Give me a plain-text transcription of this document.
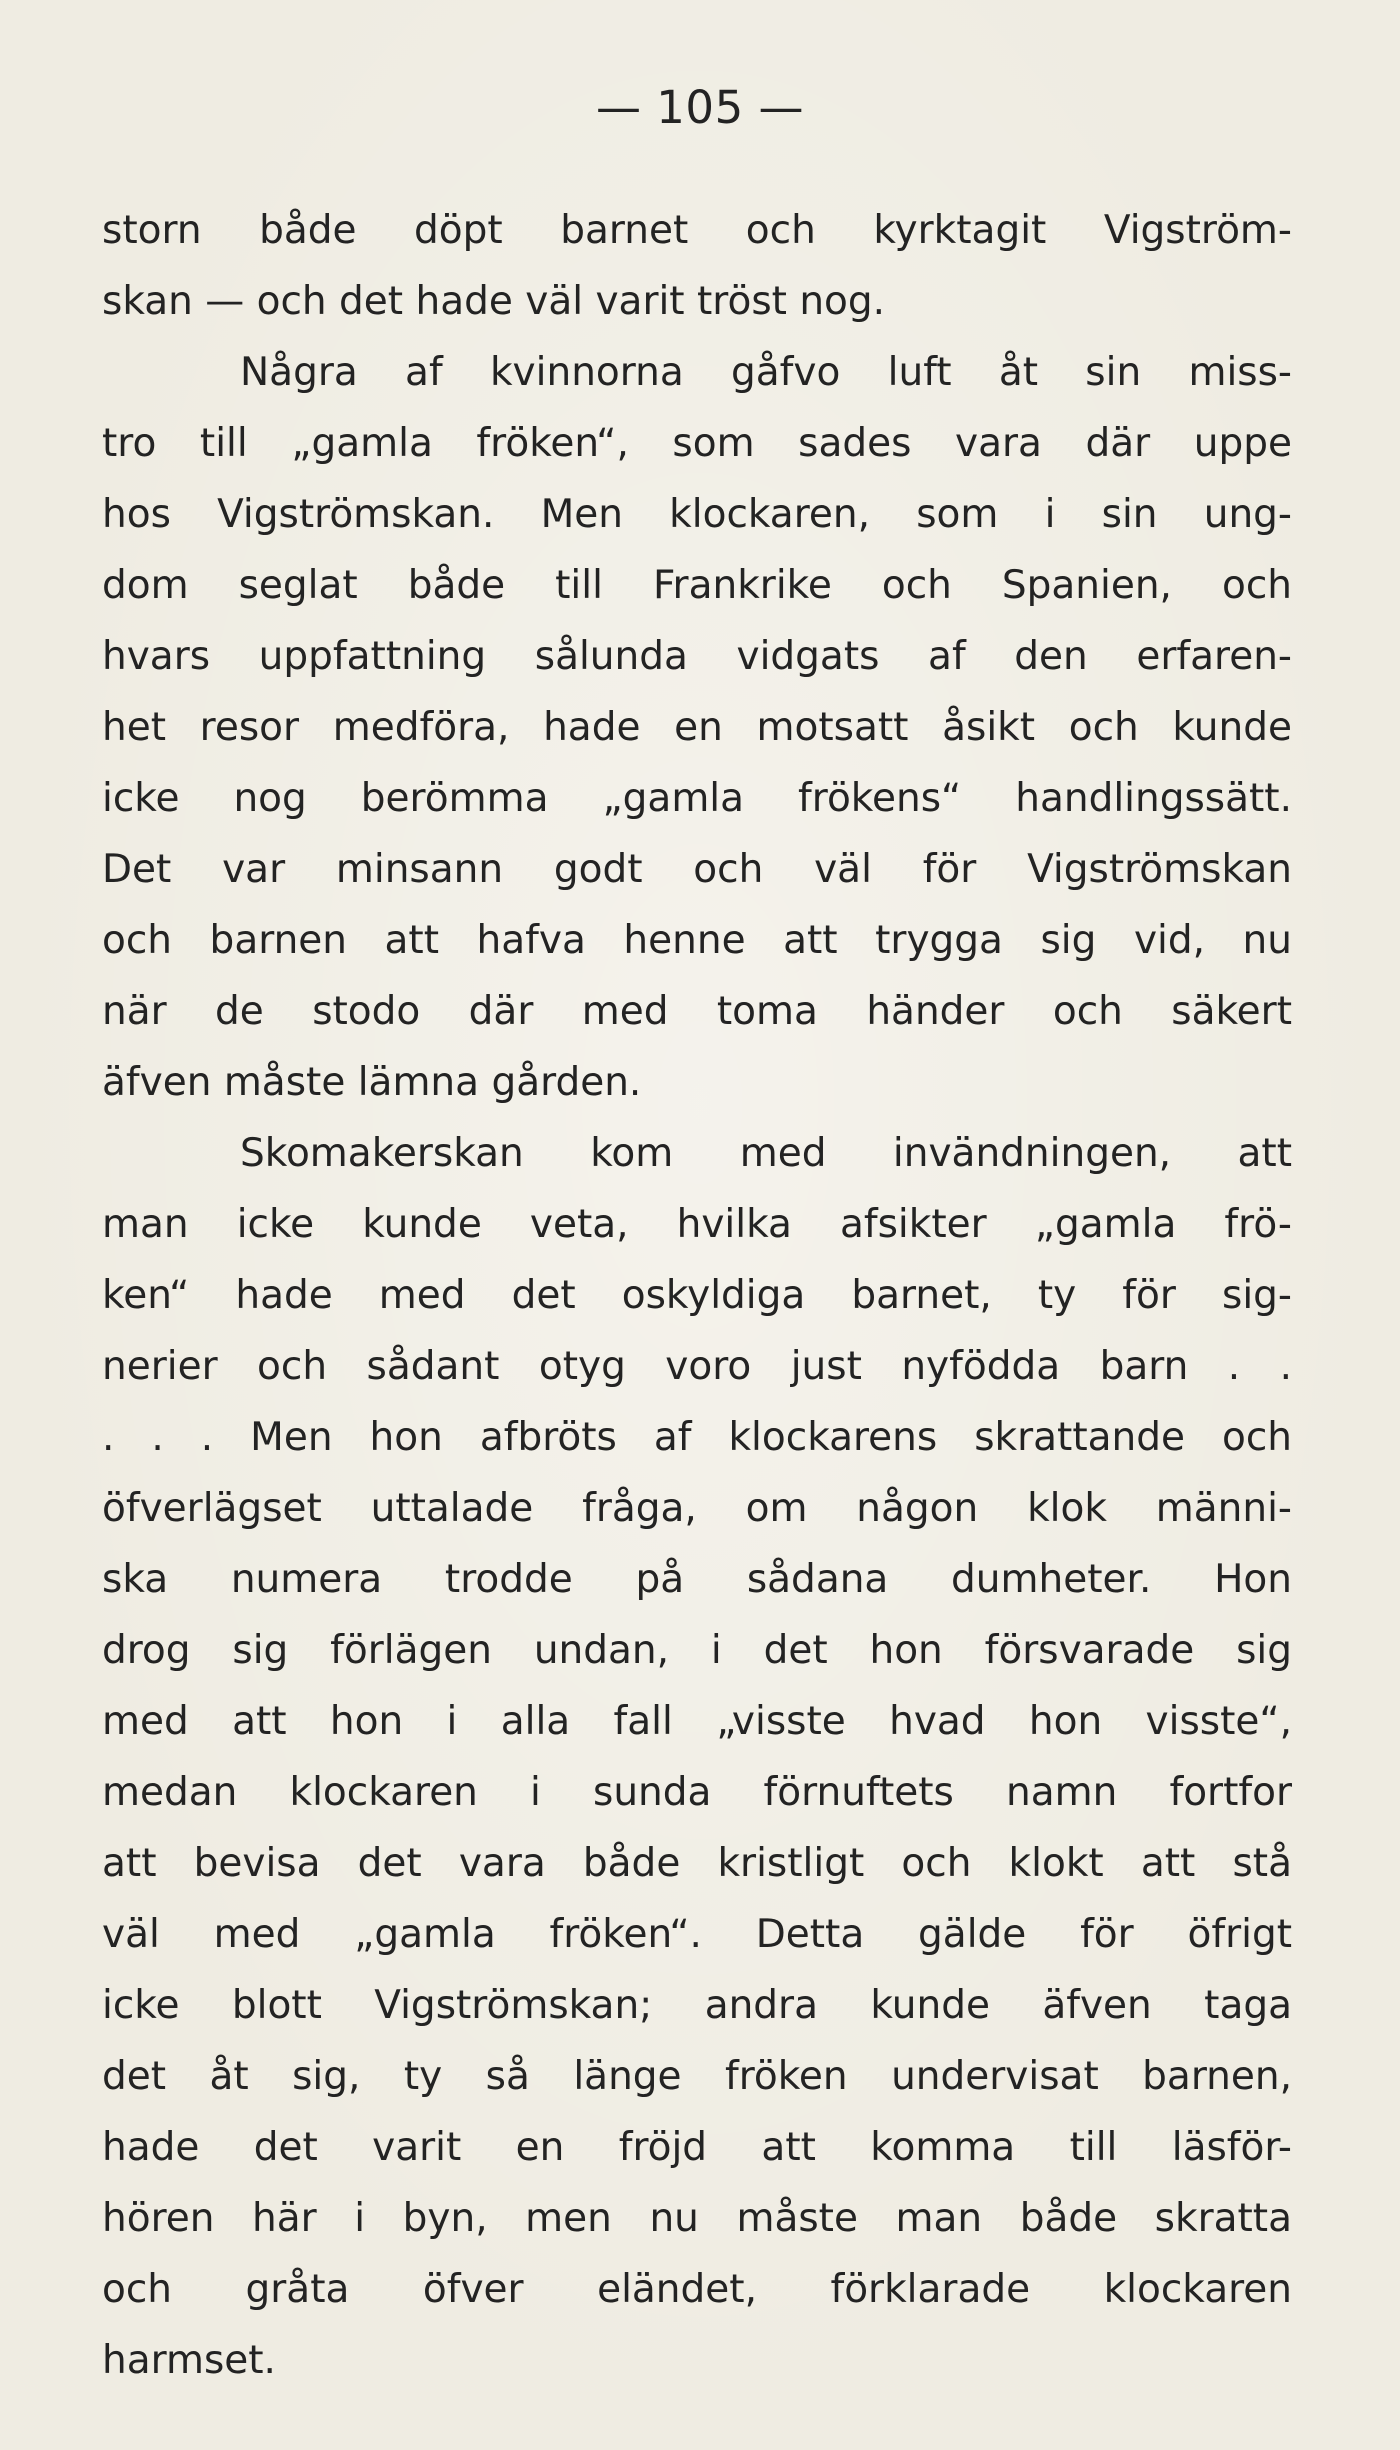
— 105 —
storn både döpt barnet och kyrktagit Vigström-
skan — och det hade väl varit tröst nog.
Några af kvinnorna gåfvo luft åt sin miss-
tro till „gamla fröken“, som sades vara där uppe
hos Vigströmskan. Men klockaren, som i sin ung-
dom seglat både till Frankrike och Spanien, och
hvars uppfattning sålunda vidgats af den erfaren-
het resor medföra, hade en motsatt åsikt och kunde
icke nog berömma „gamla frökens“ handlingssätt.
Det var minsann godt och väl för Vigströmskan
och barnen att hafva henne att trygga sig vid, nu
när de stodo där med toma händer och säkert
äfven måste lämna gården.
Skomakerskan kom med invändningen, att
man icke kunde veta, hvilka afsikter „gamla frö-
ken“ hade med det oskyldiga barnet, ty för sig-
nerier och sådant otyg voro just nyfödda barn . .
. . . Men hon afbröts af klockarens skrattande och
öfverlägset uttalade fråga, om någon klok männi-
ska numera trodde på sådana dumheter. Hon
drog sig förlägen undan, i det hon försvarade sig
med att hon i alla fall „visste hvad hon visste“,
medan klockaren i sunda förnuftets namn fortfor
att bevisa det vara både kristligt och klokt att stå
väl med „gamla fröken“. Detta gälde för öfrigt
icke blott Vigströmskan; andra kunde äfven taga
det åt sig, ty så länge fröken undervisat barnen,
hade det varit en fröjd att komma till läsför-
hören här i byn, men nu måste man både skratta
och gråta öfver eländet, förklarade klockaren
harmset.
